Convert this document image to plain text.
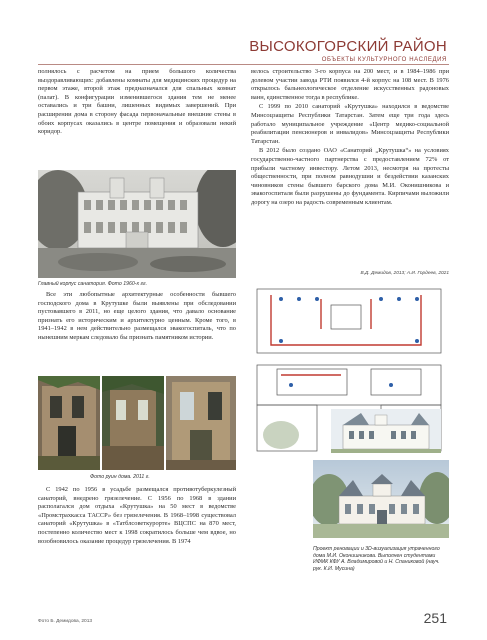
ВЫСОКОГОРСКИЙ РАЙОН
ОБЪЕКТЫ КУЛЬТУРНОГО НАСЛЕДИЯ

полнялось с расчетом на прием большого количества выздоравливающих: добавлены комнаты для медицинских процедур на первом этаже, второй этаж предназначался для спальных комнат (палат). В конфигурации изменившегося здания тем не менее оставались и три башни, лишенных видимых завершений. При расширении дома в сторону фасада первоначальные внешние стены в обоих корпусах оказались в центре помещения и образовали некий коридор.

Главный корпус санатория. Фото 1960-х гг.

Все эти любопытные архитектурные особенности бывшего господского дома в Крутушке были выявлены при обследовании пустовавшего в 2011, но еще целого здания, что давало основание признать его историческим и архитектурно ценным. Кроме того, в 1941–1942 в нем действительно размещался эвакогоспиталь, что по нынешним меркам следовало бы признать памятником истории.

Фото руин дома. 2011 г.

С 1942 по 1956 в усадьбе размещался противотуберкулезный санаторий, внедрено грязелечение. С 1956 по 1968 в здании располагался дом отдыха «Крутушка» на 50 мест в ведомстве «Промстрахкасса ТАССР» без грязелечения. В 1968–1998 существовал санаторий «Крутушка» в «Татблсоветкурортe» ВЦСПС на 870 мест, постепенно количество мест к 1998 сократилось больше чем вдвое, но возобновилось оказание процедур грязелечения. В 1974

велось строительство 3-го корпуса на 200 мест, и в 1984–1986 при долевом участии завода РТИ появился 4-й корпус на 108 мест. В 1976 открылось бальнеологическое отделение искусственных радоновых ванн, единственное тогда в республике.

С 1999 по 2010 санаторий «Крутушка» находился в ведомстве Минсоцзащиты Республики Татарстан. Затем еще три года здесь работало муниципальное учреждение «Центр медико-социальной реабилитации пенсионеров и инвалидов» Минсоцзащиты Республики Татарстан.

В 2012 было создано ОАО «Санаторий „Крутушка“» на условиях государственно-частного партнерства с предоставлением 72% от прибыли частному инвестору. Летом 2013, несмотря на протесты общественности, при полном равнодушии и бездействии казанских чиновников стены бывшего барского дома М.И. Оконишникова и эвакогоспиталя были разрушены до фундамента. Кирпичами выложили дорогу на озеро на радость современным клиентам.

В.Д. Демидов, 2013; А.И. Гордеев, 2021
Проект реновации и 3D-визуализация утраченного дома М.И. Оконишникова. Выполнен студентами ИФМК КФУ А. Владимировой и Н. Спаниковой (науч. рук. К.И. Мусина)
Фото Б. Демидова, 2013	251
